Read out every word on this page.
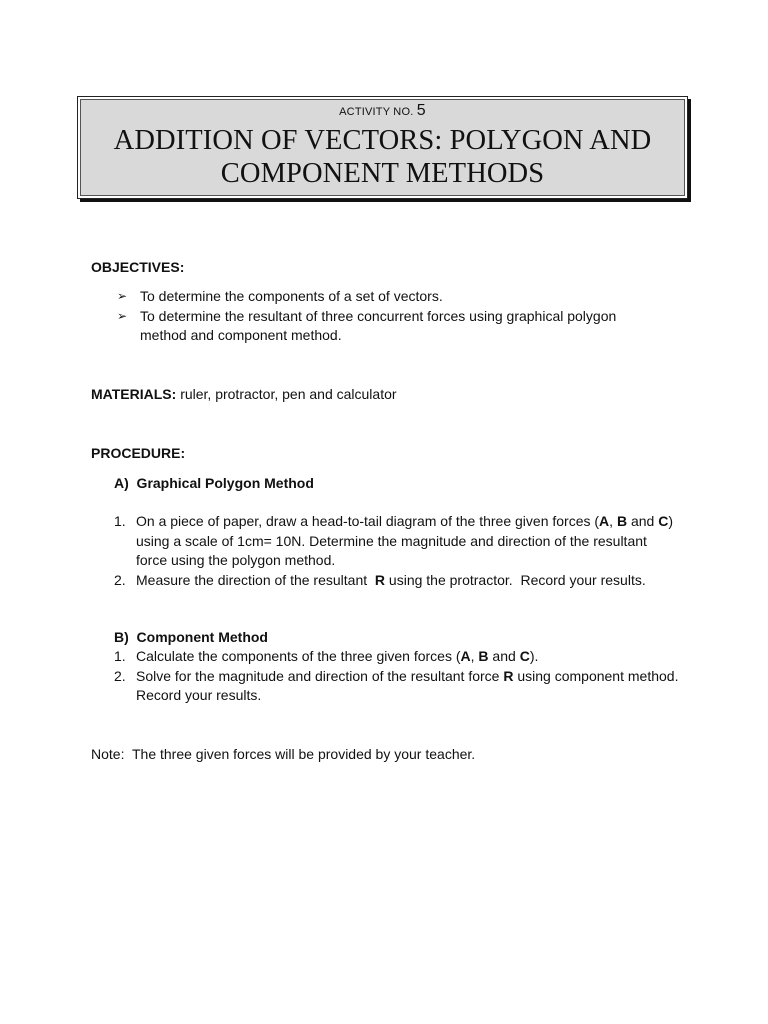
ACTIVITY NO. 5
ADDITION OF VECTORS: POLYGON AND
COMPONENT METHODS
OBJECTIVES:
➢ To determine the components of a set of vectors.
➢ To determine the resultant of three concurrent forces using graphical polygon method and component method.
MATERIALS: ruler, protractor, pen and calculator
PROCEDURE:
A)  Graphical Polygon Method
1. On a piece of paper, draw a head-to-tail diagram of the three given forces (A, B and C) using a scale of 1cm= 10N. Determine the magnitude and direction of the resultant force using the polygon method.
2. Measure the direction of the resultant  R using the protractor.  Record your results.
B)  Component Method
1. Calculate the components of the three given forces (A, B and C).
2. Solve for the magnitude and direction of the resultant force R using component method.  Record your results.
Note:  The three given forces will be provided by your teacher.
